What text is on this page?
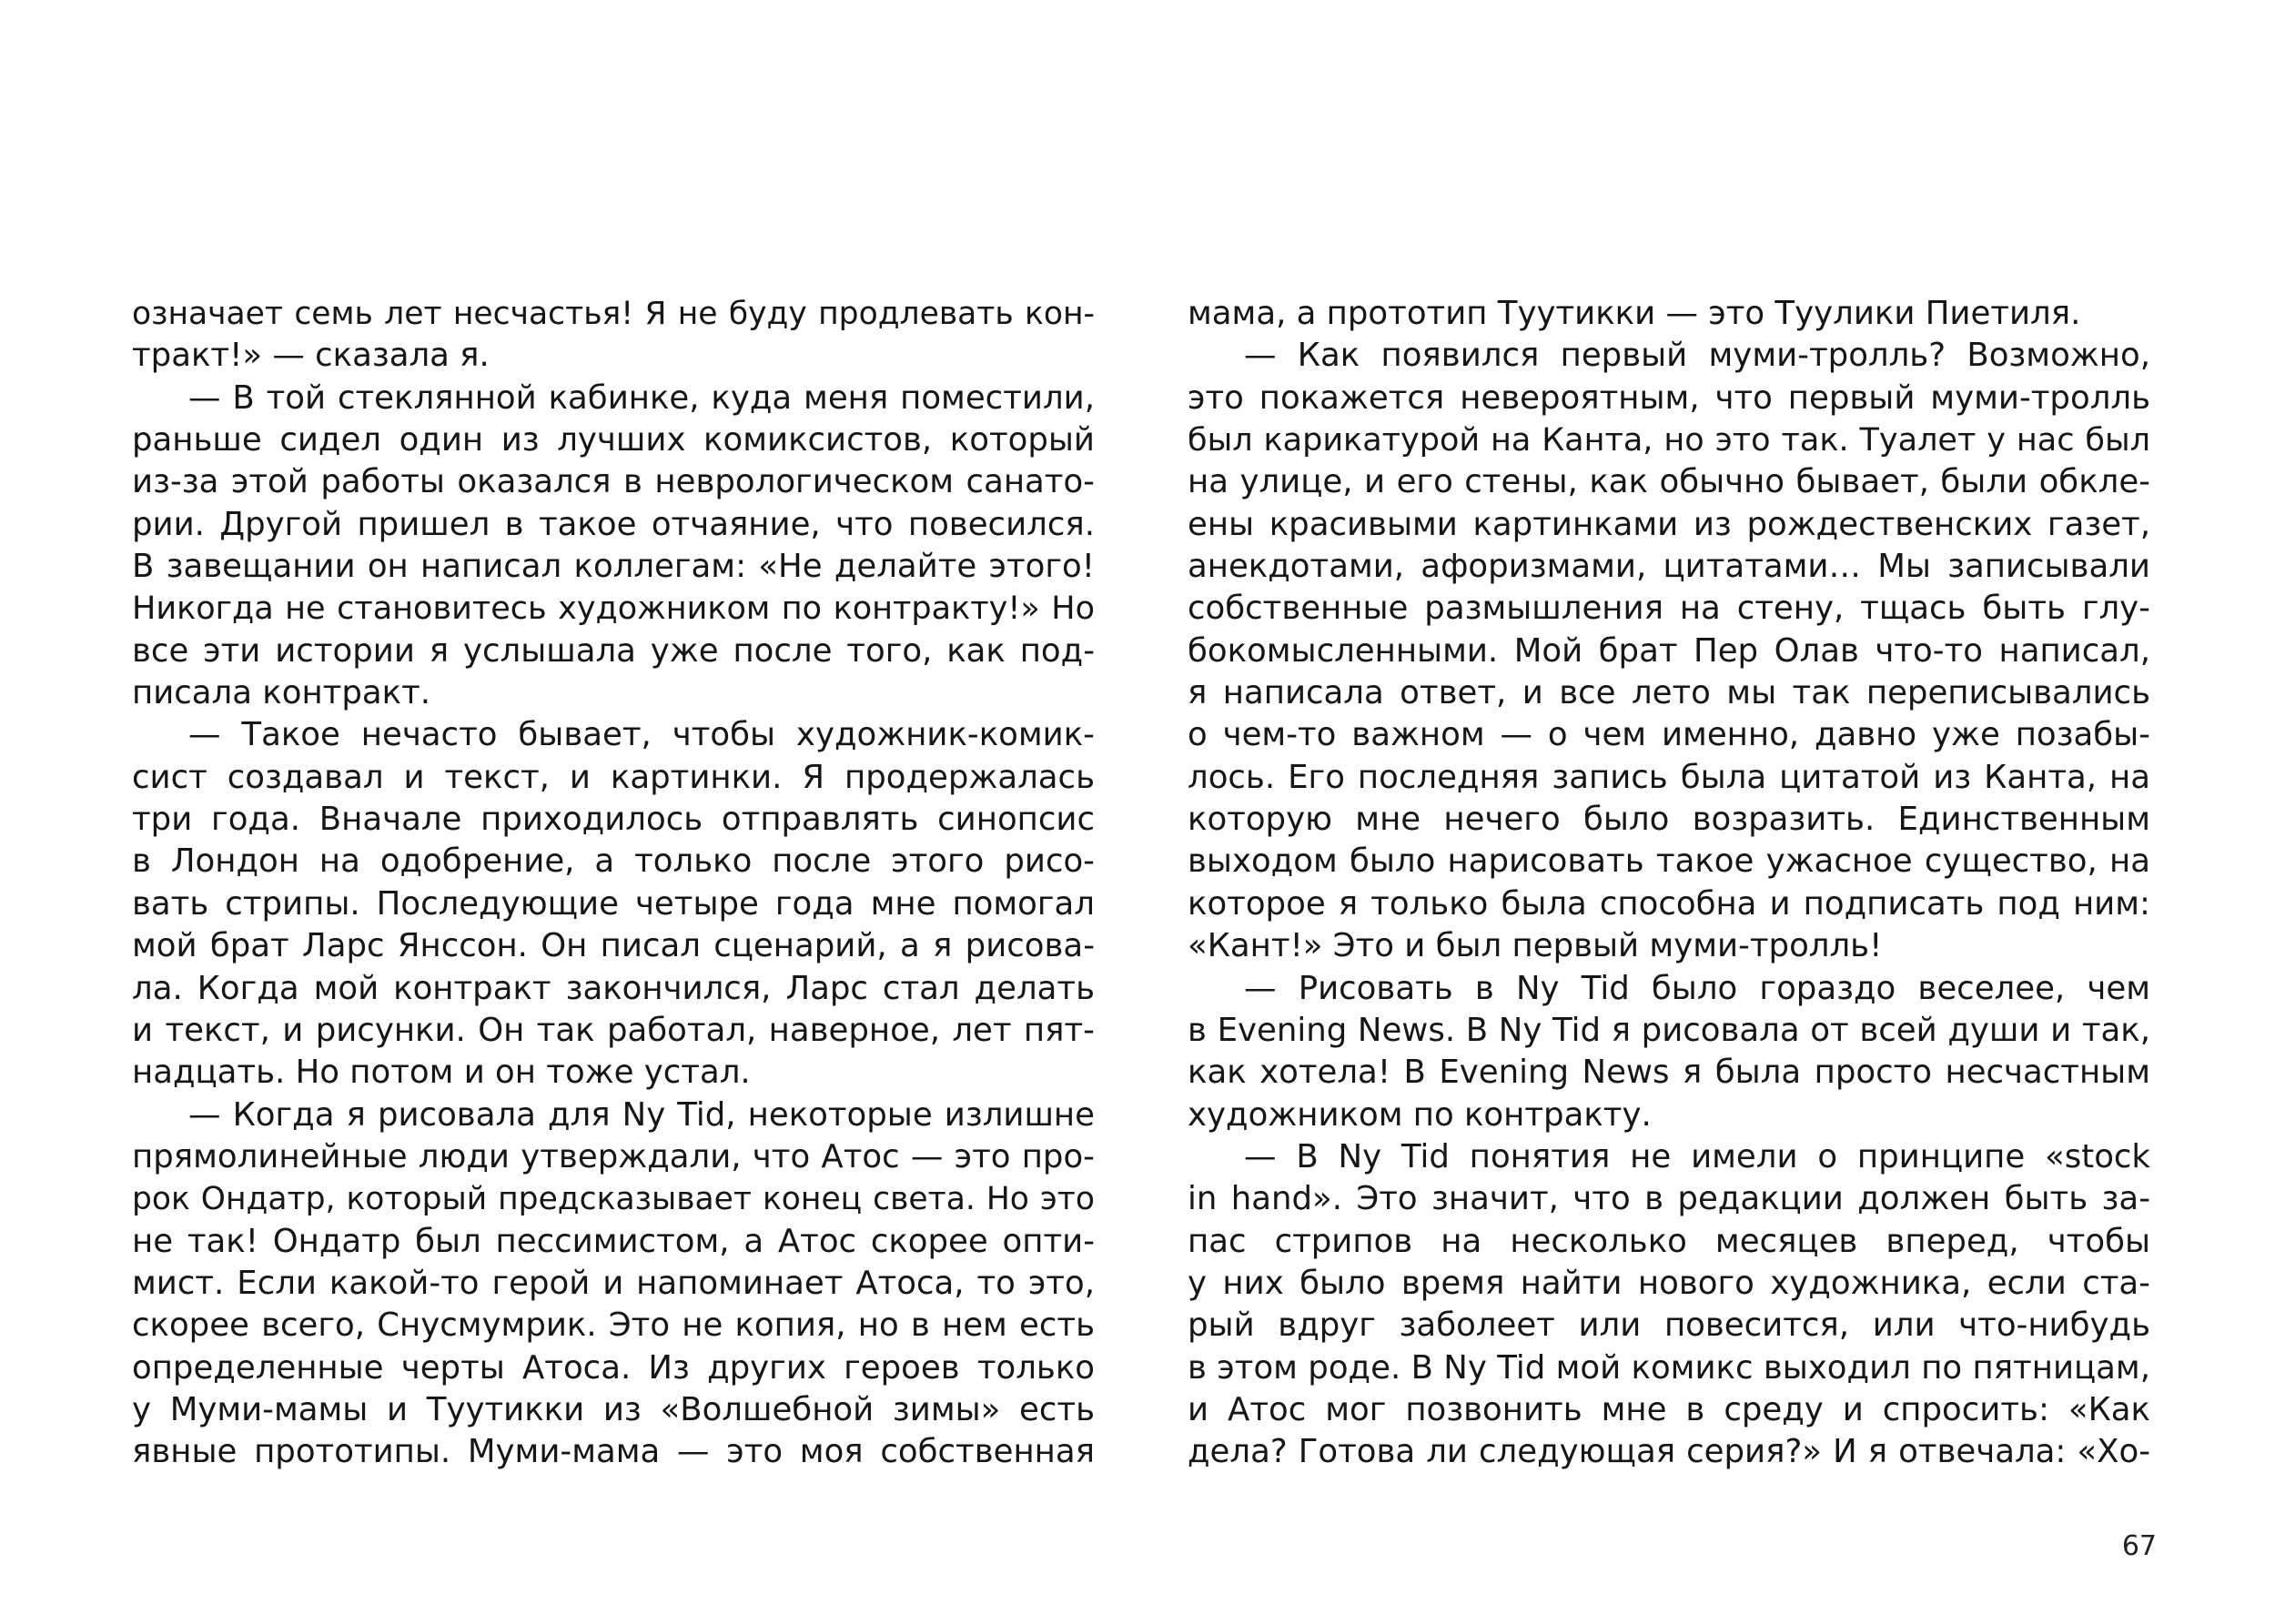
означает семь лет несчастья! Я не буду продлевать кон-
тракт!» — сказала я.
— В той стеклянной кабинке, куда меня поместили,
раньше сидел один из лучших комиксистов, который
из-за этой работы оказался в неврологическом санато-
рии. Другой пришел в такое отчаяние, что повесился.
В завещании он написал коллегам: «Не делайте этого!
Никогда не становитесь художником по контракту!» Но
все эти истории я услышала уже после того, как под-
писала контракт.
— Такое нечасто бывает, чтобы художник-комик-
сист создавал и текст, и картинки. Я продержалась
три года. Вначале приходилось отправлять синопсис
в Лондон на одобрение, а только после этого рисо-
вать стрипы. Последующие четыре года мне помогал
мой брат Ларс Янссон. Он писал сценарий, а я рисова-
ла. Когда мой контракт закончился, Ларс стал делать
и текст, и рисунки. Он так работал, наверное, лет пят-
надцать. Но потом и он тоже устал.
— Когда я рисовала для Ny Tid, некоторые излишне
прямолинейные люди утверждали, что Атос — это про-
рок Ондатр, который предсказывает конец света. Но это
не так! Ондатр был пессимистом, а Атос скорее опти-
мист. Если какой-то герой и напоминает Атоса, то это,
скорее всего, Снусмумрик. Это не копия, но в нем есть
определенные черты Атоса. Из других героев только
у Муми-мамы и Туутикки из «Волшебной зимы» есть
явные прототипы. Муми-мама — это моя собственная
мама, а прототип Туутикки — это Туулики Пиетиля.
— Как появился первый муми-тролль? Возможно,
это покажется невероятным, что первый муми-тролль
был карикатурой на Канта, но это так. Туалет у нас был
на улице, и его стены, как обычно бывает, были обкле-
ены красивыми картинками из рождественских газет,
анекдотами, афоризмами, цитатами… Мы записывали
собственные размышления на стену, тщась быть глу-
бокомысленными. Мой брат Пер Олав что-то написал,
я написала ответ, и все лето мы так переписывались
о чем-то важном — о чем именно, давно уже позабы-
лось. Его последняя запись была цитатой из Канта, на
которую мне нечего было возразить. Единственным
выходом было нарисовать такое ужасное существо, на
которое я только была способна и подписать под ним:
«Кант!» Это и был первый муми-тролль!
— Рисовать в Ny Tid было гораздо веселее, чем
в Evening News. В Ny Tid я рисовала от всей души и так,
как хотела! В Evening News я была просто несчастным
художником по контракту.
— В Ny Tid понятия не имели о принципе «stock
in hand». Это значит, что в редакции должен быть за-
пас стрипов на несколько месяцев вперед, чтобы
у них было время найти нового художника, если ста-
рый вдруг заболеет или повесится, или что-нибудь
в этом роде. В Ny Tid мой комикс выходил по пятницам,
и Атос мог позвонить мне в среду и спросить: «Как
дела? Готова ли следующая серия?» И я отвечала: «Хо-
67
